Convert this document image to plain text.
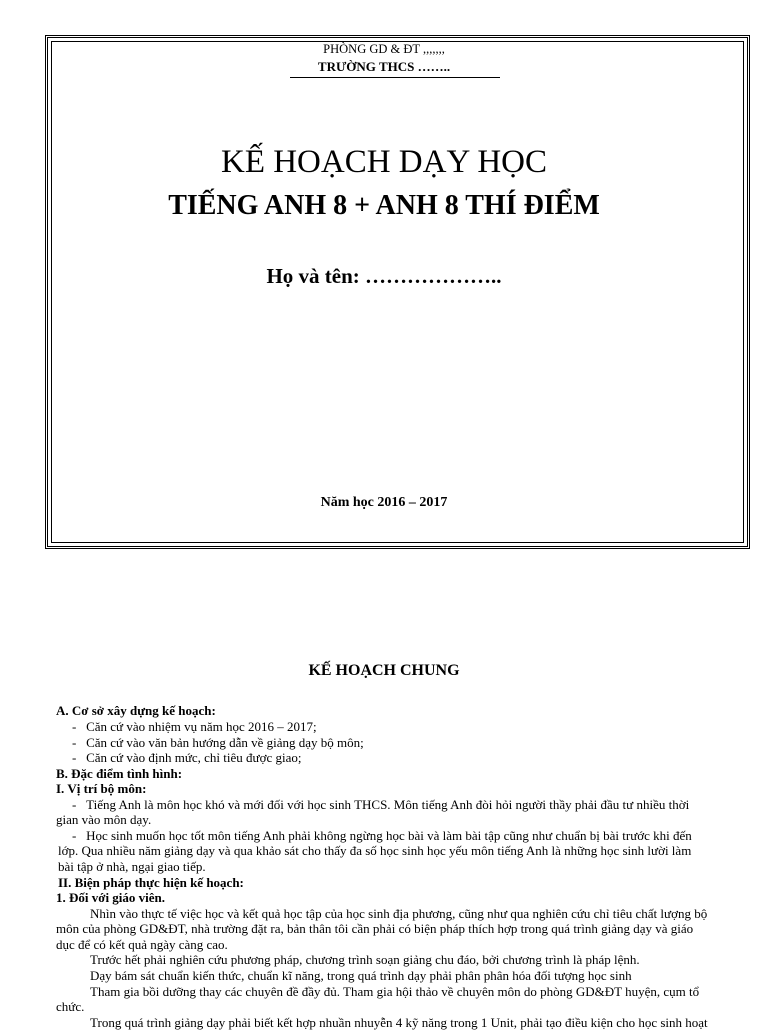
PHÒNG GD & ĐT ,,,,,,,
TRƯỜNG THCS ……..
KẾ HOẠCH DẠY HỌC
TIẾNG ANH 8 + ANH 8 THÍ ĐIỂM
Họ và tên: ………………..
Năm học 2016 – 2017
KẾ HOẠCH CHUNG
A. Cơ sở xây dựng kế hoạch:
-   Căn cứ vào nhiệm vụ năm học 2016 – 2017;
-   Căn cứ vào văn bản hướng dẫn về giảng dạy bộ môn;
-   Căn cứ vào định mức, chỉ tiêu được giao;
B. Đặc điểm tình hình:
I. Vị trí bộ môn:
-   Tiếng Anh là môn học khó và mới đối với học sinh THCS. Môn tiếng Anh đòi hỏi người thầy phải đầu tư nhiều thời
gian vào môn dạy.
-   Học sinh muốn học tốt môn tiếng Anh phải không ngừng học bài và làm bài tập cũng như chuẩn bị bài trước khi đến
lớp. Qua nhiều năm giảng dạy và qua khảo sát cho thấy đa số học sinh học yếu môn tiếng Anh là những học sinh lười làm
bài tập ở nhà, ngại giao tiếp.
II. Biện pháp thực hiện kế hoạch:
1. Đối với giáo viên.
Nhìn vào thực tế việc học và kết quả học tập của học sinh địa phương, cũng như qua nghiên cứu chỉ tiêu chất lượng bộ
môn của phòng GD&ĐT, nhà trường đặt ra, bản thân tôi cần phải có biện pháp thích hợp trong quá trình giảng dạy và giáo
dục để có kết quả ngày càng cao.
Trước hết phải nghiên cứu phương pháp, chương trình soạn giảng chu đáo, bởi chương trình là pháp lệnh.
Dạy bám sát chuẩn kiến thức, chuẩn kĩ năng, trong quá trình dạy phải phân phân hóa đối tượng học sinh
Tham gia bồi dưỡng thay các chuyên đề đầy đủ. Tham gia hội thảo về chuyên môn do phòng GD&ĐT huyện, cụm tổ
chức.
Trong quá trình giảng dạy phải biết kết hợp nhuần nhuyễn 4 kỹ năng trong 1 Unit, phải tạo điều kiện cho học sinh hoạt
